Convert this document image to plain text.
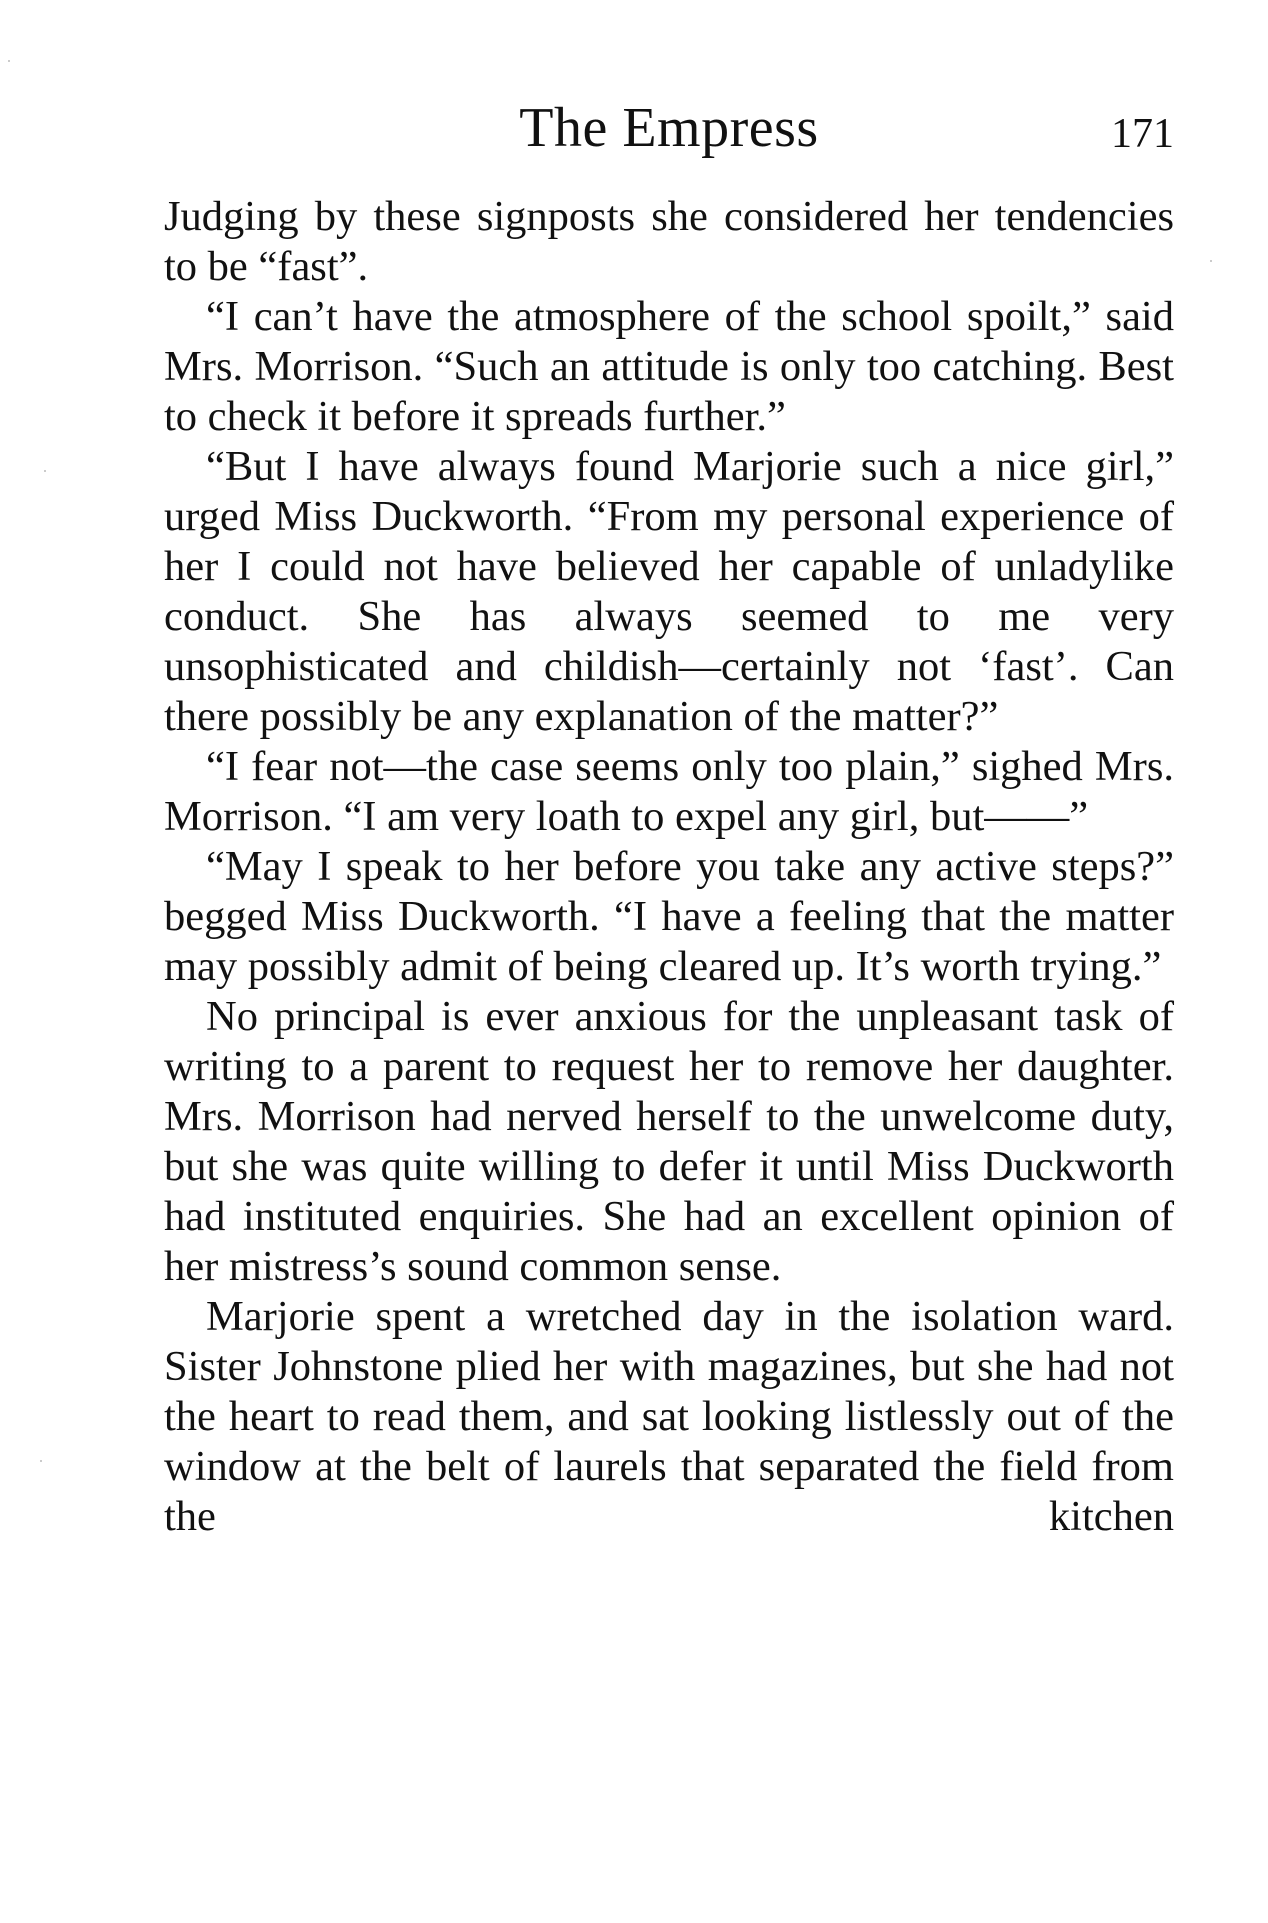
The Empress	171

Judging by these signposts she considered her tendencies to be “fast”.

“I can’t have the atmosphere of the school spoilt,” said Mrs. Morrison. “Such an attitude is only too catching. Best to check it before it spreads further.”

“But I have always found Marjorie such a nice girl,” urged Miss Duckworth. “From my personal experience of her I could not have believed her capable of unladylike conduct. She has always seemed to me very unsophisticated and childish—certainly not ‘fast’. Can there possibly be any explanation of the matter?”

“I fear not—the case seems only too plain,” sighed Mrs. Morrison. “I am very loath to expel any girl, but——”

“May I speak to her before you take any active steps?” begged Miss Duckworth. “I have a feeling that the matter may possibly admit of being cleared up. It’s worth trying.”

No principal is ever anxious for the unpleasant task of writing to a parent to request her to remove her daughter. Mrs. Morrison had nerved herself to the unwelcome duty, but she was quite willing to defer it until Miss Duckworth had instituted enquiries. She had an excellent opinion of her mistress’s sound common sense.

Marjorie spent a wretched day in the isolation ward. Sister Johnstone plied her with magazines, but she had not the heart to read them, and sat looking listlessly out of the window at the belt of laurels that separated the field from the kitchen
